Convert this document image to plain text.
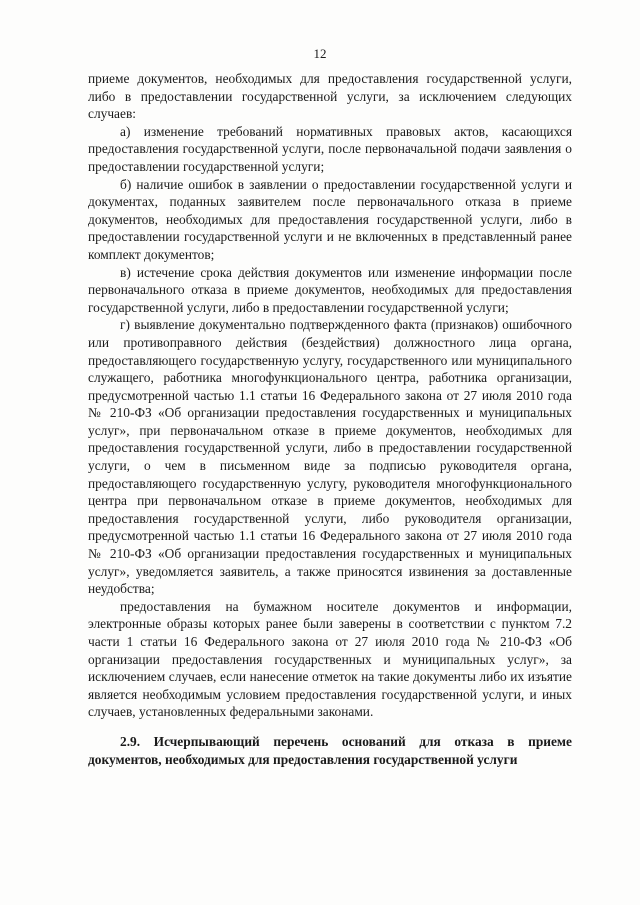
12

приеме документов, необходимых для предоставления государственной услуги, либо в предоставлении государственной услуги, за исключением следующих случаев:

а) изменение требований нормативных правовых актов, касающихся предоставления государственной услуги, после первоначальной подачи заявления о предоставлении государственной услуги;

б) наличие ошибок в заявлении о предоставлении государственной услуги и документах, поданных заявителем после первоначального отказа в приеме документов, необходимых для предоставления государственной услуги, либо в предоставлении государственной услуги и не включенных в представленный ранее комплект документов;

в) истечение срока действия документов или изменение информации после первоначального отказа в приеме документов, необходимых для предоставления государственной услуги, либо в предоставлении государственной услуги;

г) выявление документально подтвержденного факта (признаков) ошибочного или противоправного действия (бездействия) должностного лица органа, предоставляющего государственную услугу, государственного или муниципального служащего, работника многофункционального центра, работника организации, предусмотренной частью 1.1 статьи 16 Федерального закона от 27 июля 2010 года № 210-ФЗ «Об организации предоставления государственных и муниципальных услуг», при первоначальном отказе в приеме документов, необходимых для предоставления государственной услуги, либо в предоставлении государственной услуги, о чем в письменном виде за подписью руководителя органа, предоставляющего государственную услугу, руководителя многофункционального центра при первоначальном отказе в приеме документов, необходимых для предоставления государственной услуги, либо руководителя организации, предусмотренной частью 1.1 статьи 16 Федерального закона от 27 июля 2010 года № 210-ФЗ «Об организации предоставления государственных и муниципальных услуг», уведомляется заявитель, а также приносятся извинения за доставленные неудобства;

предоставления на бумажном носителе документов и информации, электронные образы которых ранее были заверены в соответствии с пунктом 7.2 части 1 статьи 16 Федерального закона от 27 июля 2010 года № 210-ФЗ «Об организации предоставления государственных и муниципальных услуг», за исключением случаев, если нанесение отметок на такие документы либо их изъятие является необходимым условием предоставления государственной услуги, и иных случаев, установленных федеральными законами.

2.9. Исчерпывающий перечень оснований для отказа в приеме документов, необходимых для предоставления государственной услуги
